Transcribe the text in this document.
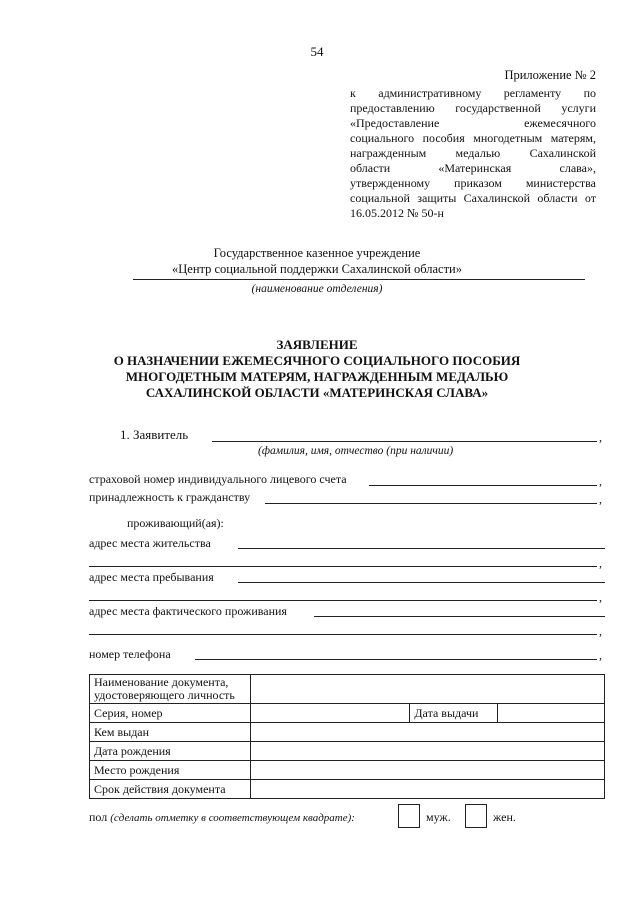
54
Приложение № 2
к административному регламенту по
предоставлению государственной услуги
«Предоставление ежемесячного
социального пособия многодетным матерям,
награжденным медалью Сахалинской
области «Материнская слава»,
утвержденному приказом министерства
социальной защиты Сахалинской области от
16.05.2012 № 50-н
Государственное казенное учреждение
«Центр социальной поддержки Сахалинской области»
(наименование отделения)
ЗАЯВЛЕНИЕ
О НАЗНАЧЕНИИ ЕЖЕМЕСЯЧНОГО СОЦИАЛЬНОГО ПОСОБИЯ
МНОГОДЕТНЫМ МАТЕРЯМ, НАГРАЖДЕННЫМ МЕДАЛЬЮ
САХАЛИНСКОЙ ОБЛАСТИ «МАТЕРИНСКАЯ СЛАВА»
1. Заявитель	,
(фамилия, имя, отчество (при наличии)
страховой номер индивидуального лицевого счета	,
принадлежность к гражданству	,
проживающий(ая):
адрес места жительства
,
адрес места пребывания
,
адрес места фактического проживания
,
номер телефона	,
Наименование документа, удостоверяющего личность			
Серия, номер		Дата выдачи	
Кем выдан			
Дата рождения			
Место рождения			
Срок действия документа			
пол (сделать отметку в соответствующем квадрате):	муж.	жен.
